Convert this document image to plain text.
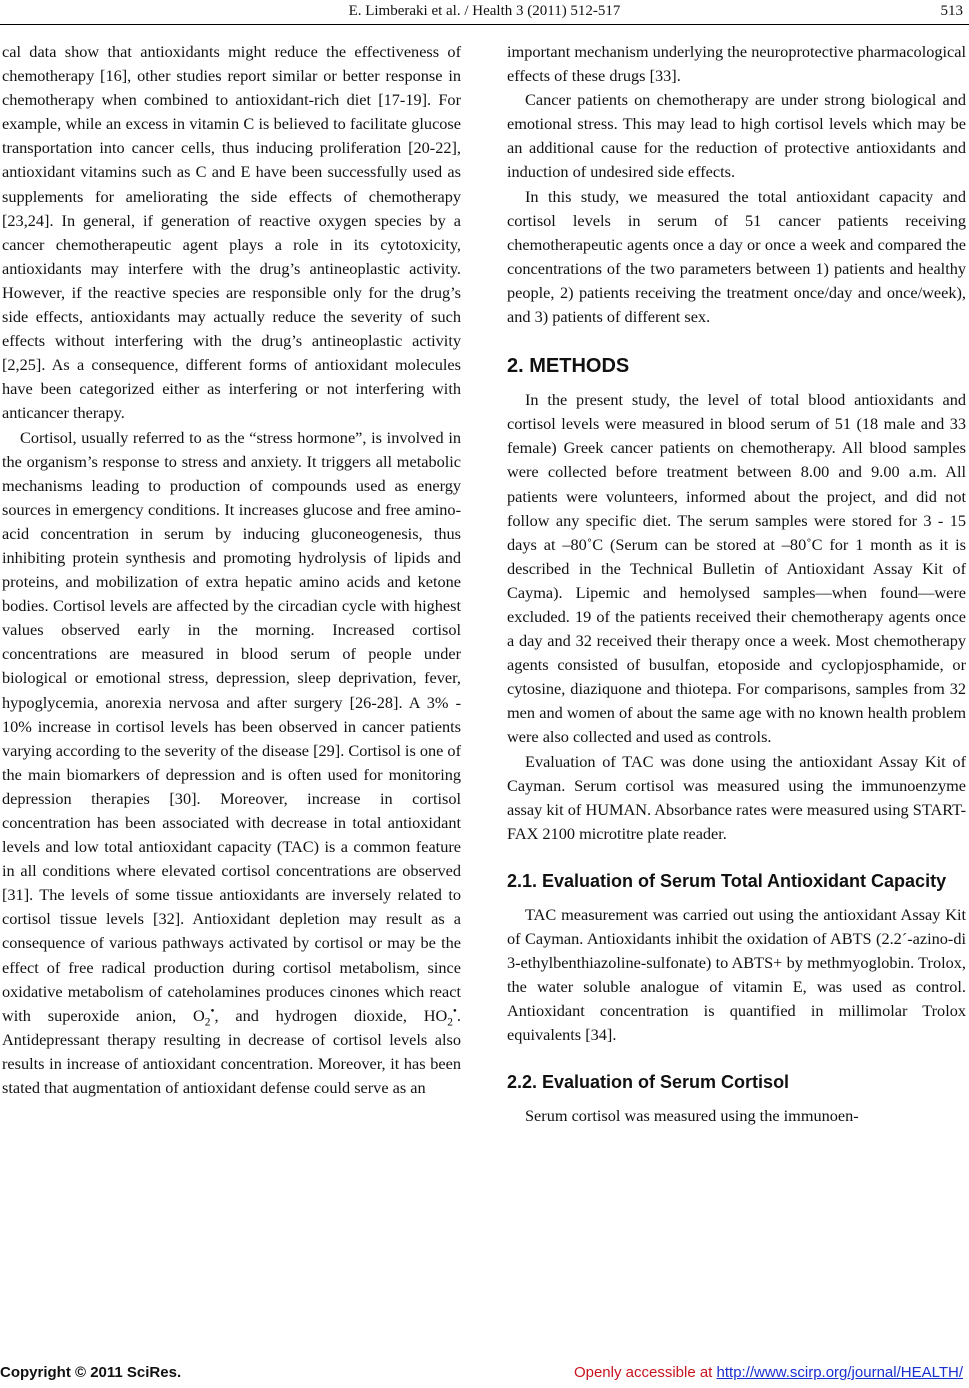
E. Limberaki et al. / Health 3 (2011) 512-517	513

cal data show that antioxidants might reduce the effectiveness of chemotherapy [16], other studies report similar or better response in chemotherapy when combined to antioxidant-rich diet [17-19]. For example, while an excess in vitamin C is believed to facilitate glucose transportation into cancer cells, thus inducing proliferation [20-22], antioxidant vitamins such as C and E have been successfully used as supplements for ameliorating the side effects of chemotherapy [23,24]. In general, if generation of reactive oxygen species by a cancer chemotherapeutic agent plays a role in its cytotoxicity, antioxidants may interfere with the drug’s antineoplastic activity. However, if the reactive species are responsible only for the drug’s side effects, antioxidants may actually reduce the severity of such effects without interfering with the drug’s antineoplastic activity [2,25]. As a consequence, different forms of antioxidant molecules have been categorized either as interfering or not interfering with anticancer therapy.

Cortisol, usually referred to as the “stress hormone”, is involved in the organism’s response to stress and anxiety. It triggers all metabolic mechanisms leading to production of compounds used as energy sources in emergency conditions. It increases glucose and free amino-acid concentration in serum by inducing gluconeogenesis, thus inhibiting protein synthesis and promoting hydrolysis of lipids and proteins, and mobilization of extra hepatic amino acids and ketone bodies. Cortisol levels are affected by the circadian cycle with highest values observed early in the morning. Increased cortisol concentrations are measured in blood serum of people under biological or emotional stress, depression, sleep deprivation, fever, hypoglycemia, anorexia nervosa and after surgery [26-28]. A 3% - 10% increase in cortisol levels has been observed in cancer patients varying according to the severity of the disease [29]. Cortisol is one of the main biomarkers of depression and is often used for monitoring depression therapies [30]. Moreover, increase in cortisol concentration has been associated with decrease in total antioxidant levels and low total antioxidant capacity (TAC) is a common feature in all conditions where elevated cortisol concentrations are observed [31]. The levels of some tissue antioxidants are inversely related to cortisol tissue levels [32]. Antioxidant depletion may result as a consequence of various pathways activated by cortisol or may be the effect of free radical production during cortisol metabolism, since oxidative metabolism of cateholamines produces cinones which react with superoxide anion, $O_2^•$, and hydrogen dioxide, $HO_2^•$. Antidepressant therapy resulting in decrease of cortisol levels also results in increase of antioxidant concentration. Moreover, it has been stated that augmentation of antioxidant defense could serve as an

important mechanism underlying the neuroprotective pharmacological effects of these drugs [33].

Cancer patients on chemotherapy are under strong biological and emotional stress. This may lead to high cortisol levels which may be an additional cause for the reduction of protective antioxidants and induction of undesired side effects.

In this study, we measured the total antioxidant capacity and cortisol levels in serum of 51 cancer patients receiving chemotherapeutic agents once a day or once a week and compared the concentrations of the two parameters between 1) patients and healthy people, 2) patients receiving the treatment once/day and once/week), and 3) patients of different sex.

2. METHODS

In the present study, the level of total blood antioxidants and cortisol levels were measured in blood serum of 51 (18 male and 33 female) Greek cancer patients on chemotherapy. All blood samples were collected before treatment between 8.00 and 9.00 a.m. All patients were volunteers, informed about the project, and did not follow any specific diet. The serum samples were stored for 3 - 15 days at –80˚C (Serum can be stored at –80˚C for 1 month as it is described in the Technical Bulletin of Antioxidant Assay Kit of Cayma). Lipemic and hemolysed samples—when found—were excluded. 19 of the patients received their chemotherapy agents once a day and 32 received their therapy once a week. Most chemotherapy agents consisted of busulfan, etoposide and cyclopjosphamide, or cytosine, diaziquone and thiotepa. For comparisons, samples from 32 men and women of about the same age with no known health problem were also collected and used as controls.

Evaluation of TAC was done using the antioxidant Assay Kit of Cayman. Serum cortisol was measured using the immunoenzyme assay kit of HUMAN. Absorbance rates were measured using START-FAX 2100 microtitre plate reader.

2.1. Evaluation of Serum Total Antioxidant Capacity

TAC measurement was carried out using the antioxidant Assay Kit of Cayman. Antioxidants inhibit the oxidation of ABTS (2.2´-azino-di 3-ethylbenthiazoline-sulfonate) to ABTS+ by methmyoglobin. Trolox, the water soluble analogue of vitamin E, was used as control. Antioxidant concentration is quantified in millimolar Trolox equivalents [34].

2.2. Evaluation of Serum Cortisol

Serum cortisol was measured using the immunoen-

Copyright © 2011 SciRes.	Openly accessible at http://www.scirp.org/journal/HEALTH/
